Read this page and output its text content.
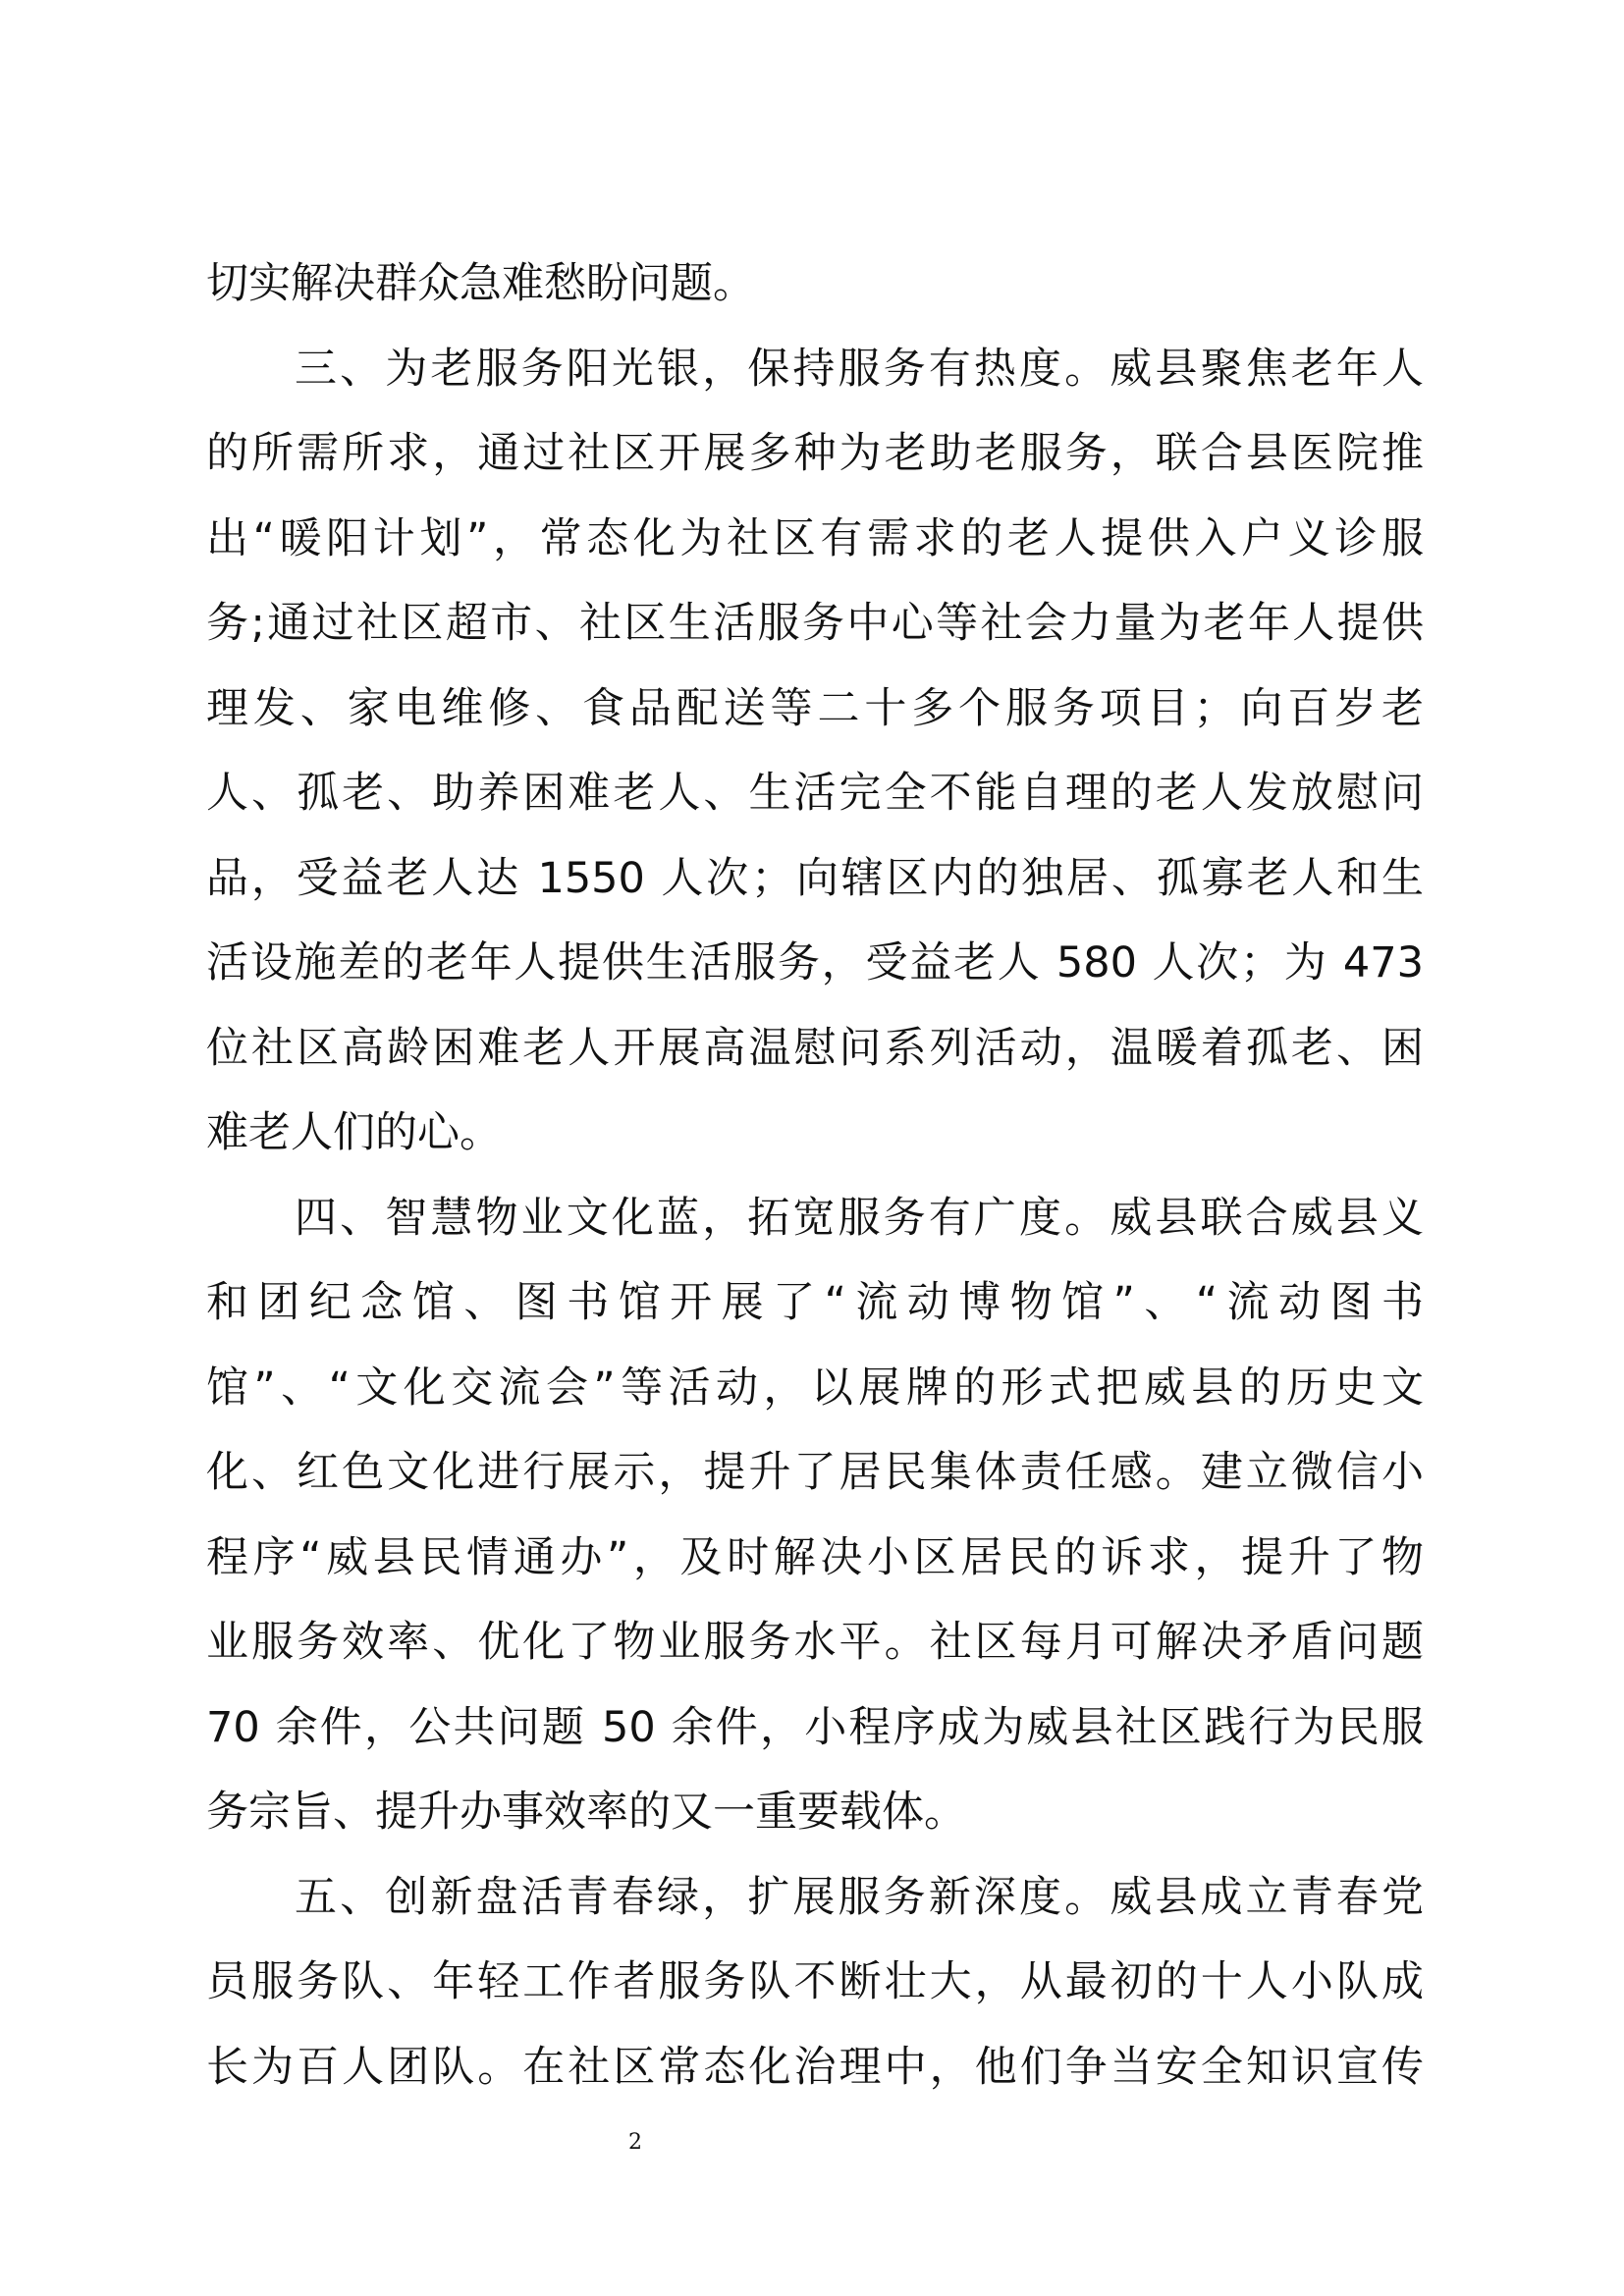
切实解决群众急难愁盼问题。
三、为老服务阳光银，保持服务有热度。威县聚焦老年人
的所需所求，通过社区开展多种为老助老服务，联合县医院推
出“暖阳计划”，常态化为社区有需求的老人提供入户义诊服
务;通过社区超市、社区生活服务中心等社会力量为老年人提供
理发、家电维修、食品配送等二十多个服务项目；向百岁老
人、孤老、助养困难老人、生活完全不能自理的老人发放慰问
品，受益老人达 1550 人次；向辖区内的独居、孤寡老人和生
活设施差的老年人提供生活服务，受益老人 580 人次；为 473
位社区高龄困难老人开展高温慰问系列活动，温暖着孤老、困
难老人们的心。
四、智慧物业文化蓝，拓宽服务有广度。威县联合威县义
和团纪念馆、图书馆开展了“流动博物馆”、“流动图书
馆”、“文化交流会”等活动，以展牌的形式把威县的历史文
化、红色文化进行展示，提升了居民集体责任感。建立微信小
程序“威县民情通办”，及时解决小区居民的诉求，提升了物
业服务效率、优化了物业服务水平。社区每月可解决矛盾问题
70 余件，公共问题 50 余件，小程序成为威县社区践行为民服
务宗旨、提升办事效率的又一重要载体。
五、创新盘活青春绿，扩展服务新深度。威县成立青春党
员服务队、年轻工作者服务队不断壮大，从最初的十人小队成
长为百人团队。在社区常态化治理中，他们争当安全知识宣传
2
